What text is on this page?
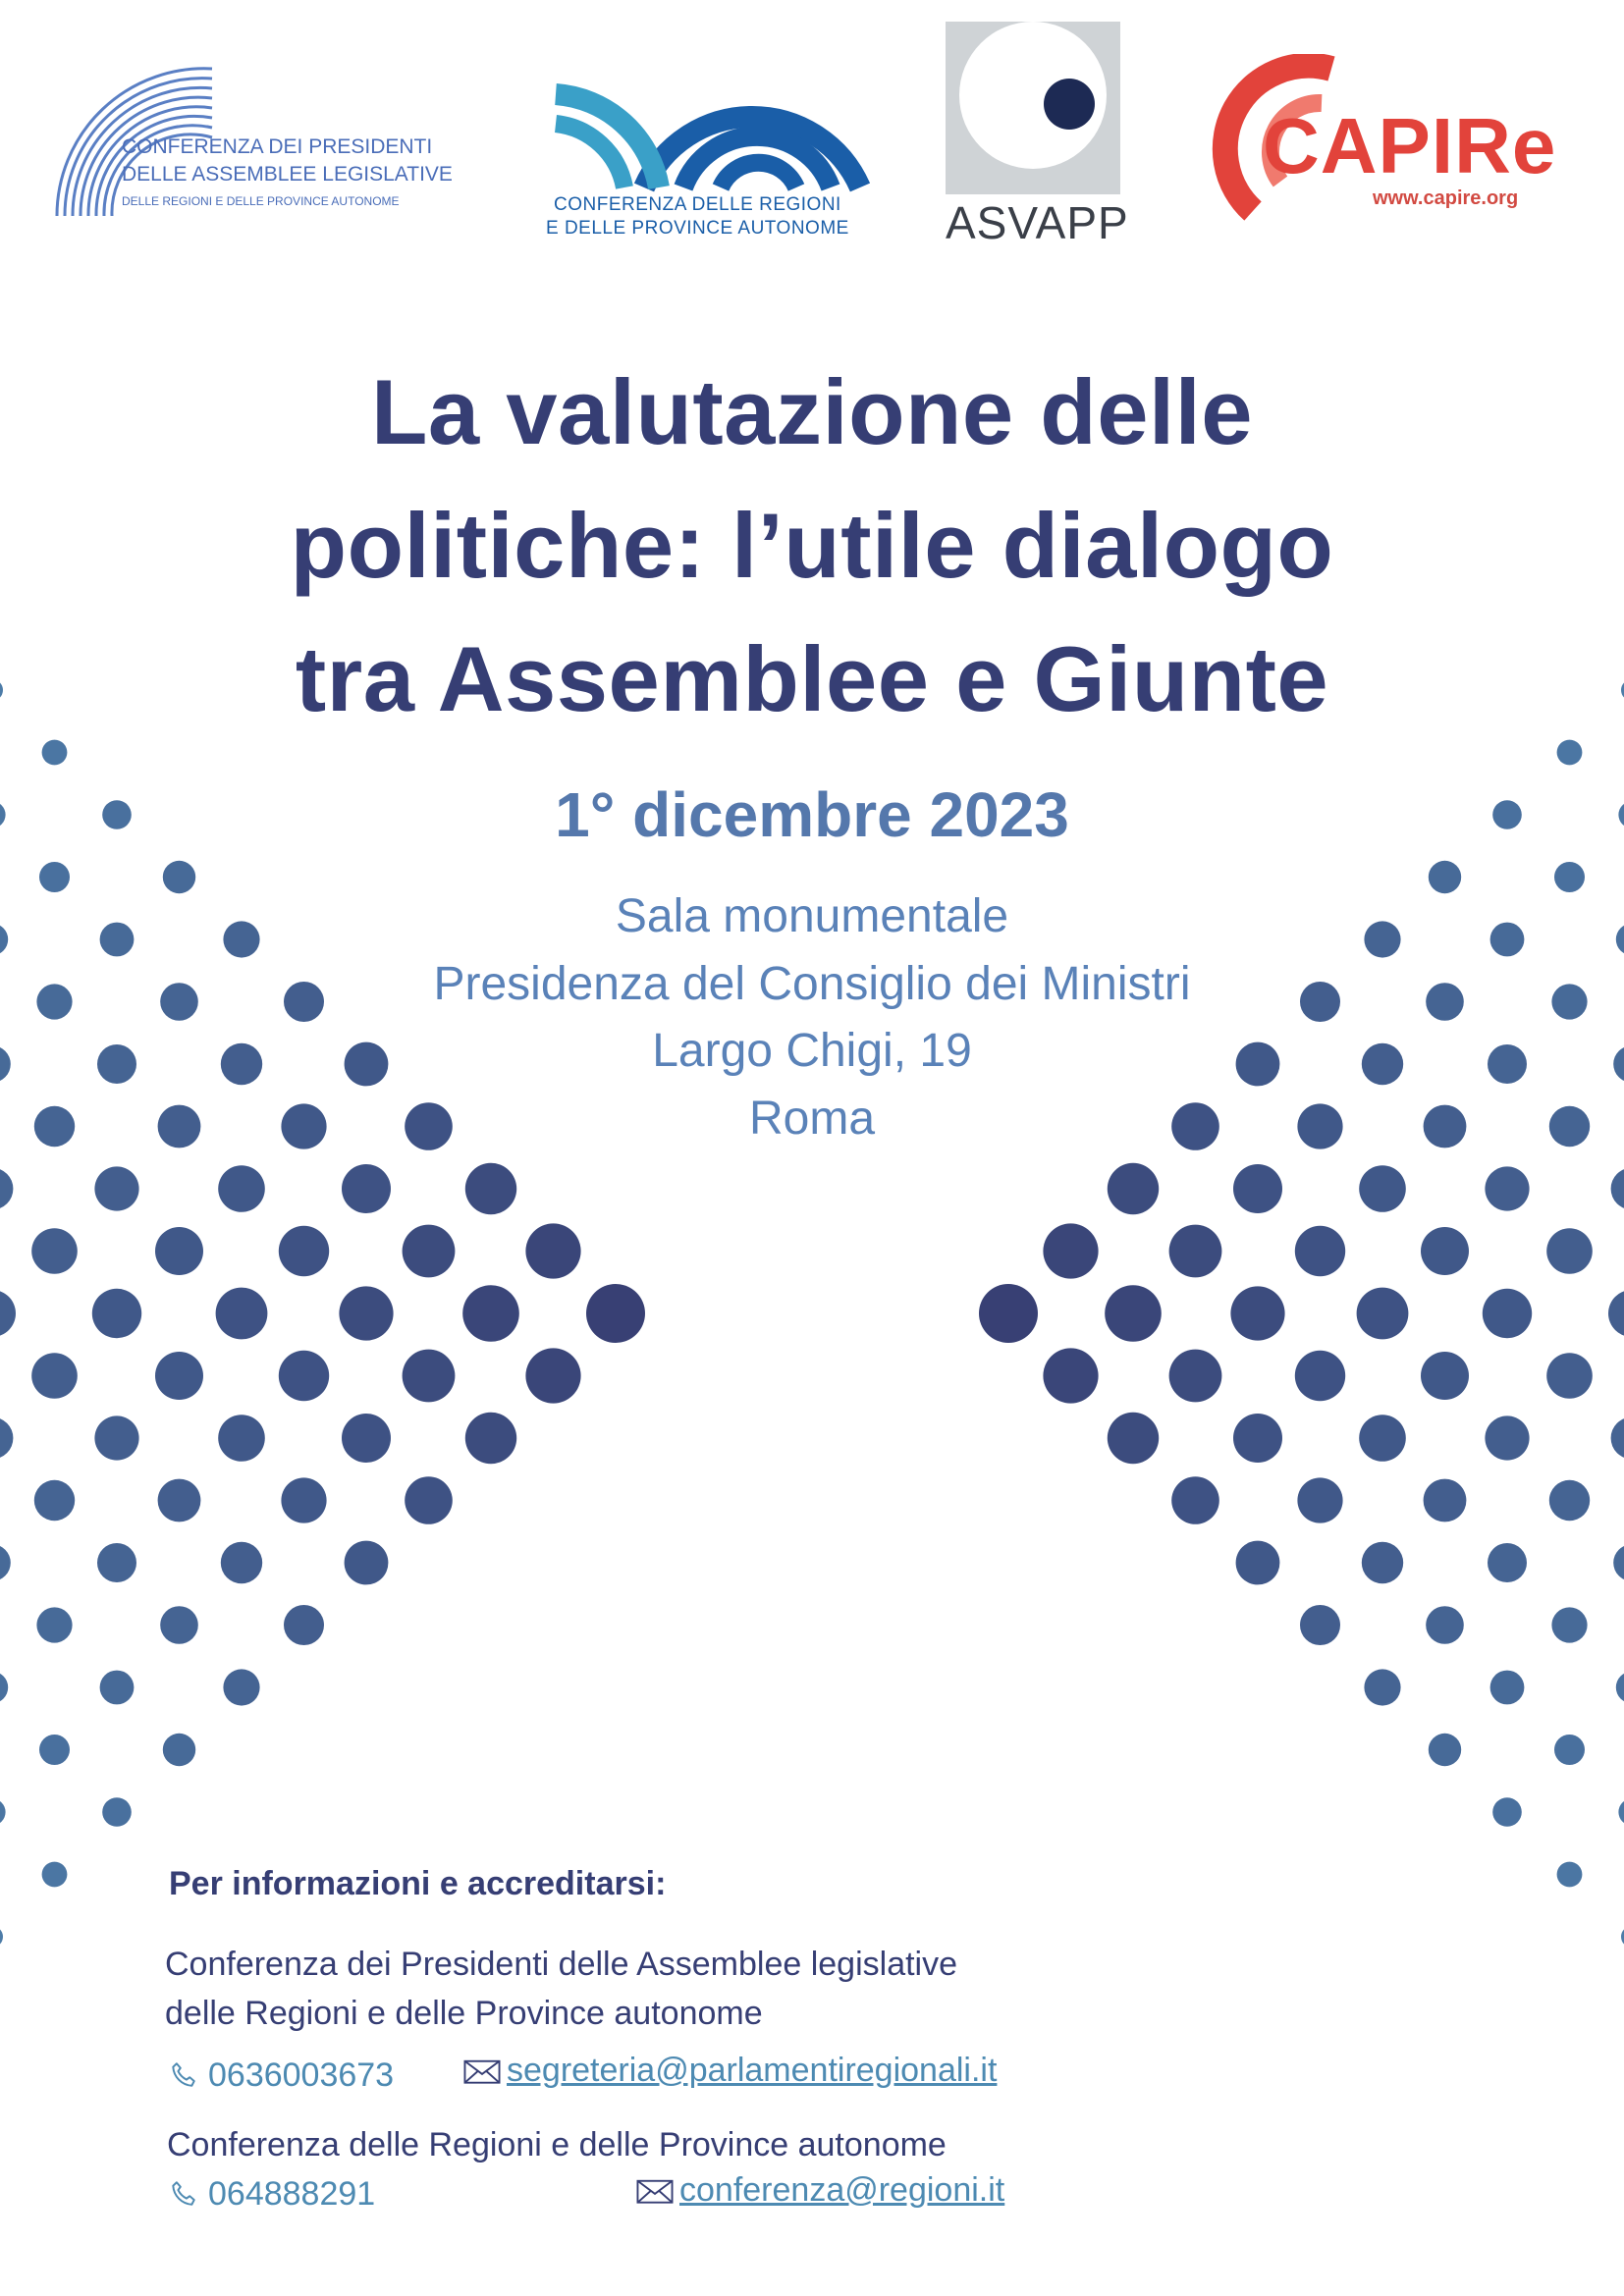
CONFERENZA DEI PRESIDENTI
DELLE ASSEMBLEE LEGISLATIVE
DELLE REGIONI E DELLE PROVINCE AUTONOME	CONFERENZA DELLE REGIONI
E DELLE PROVINCE AUTONOME ASVAPP
CAPIRe
www.capire.org
La valutazione delle
politiche: l’utile dialogo
tra Assemblee e Giunte
1° dicembre 2023
Sala monumentale
Presidenza del Consiglio dei Ministri
Largo Chigi, 19
Roma
Per informazioni e accreditarsi:
Conferenza dei Presidenti delle Assemblee legislative
delle Regioni e delle Province autonome
0636003673	segreteria@parlamentiregionali.it
Conferenza delle Regioni e delle Province autonome
064888291	conferenza@regioni.it
